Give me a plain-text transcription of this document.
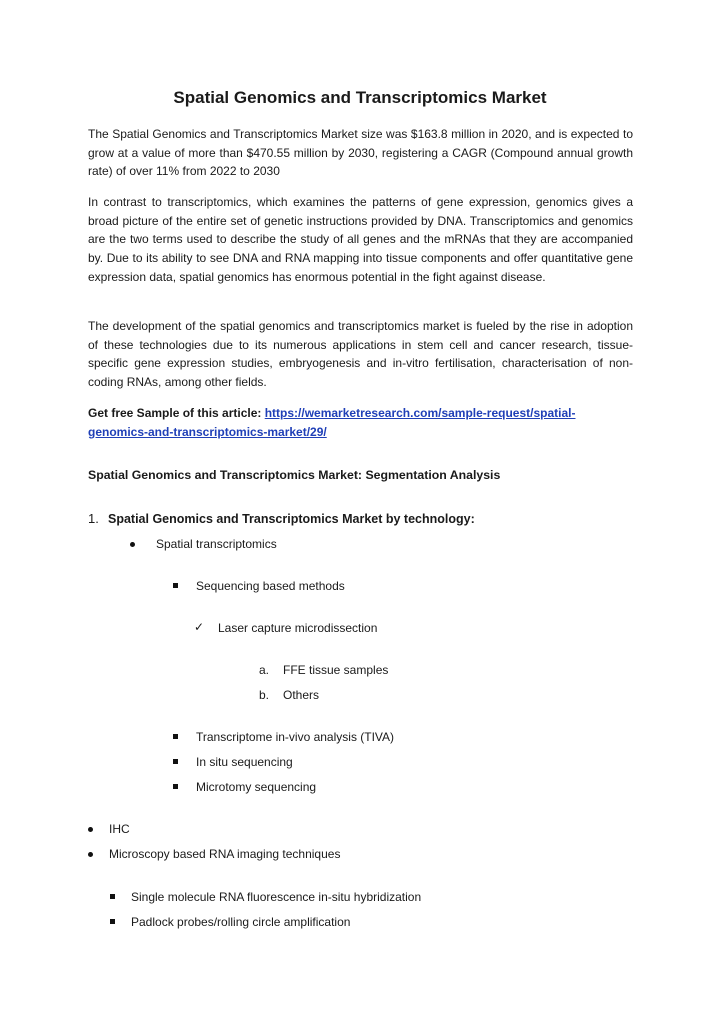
Spatial Genomics and Transcriptomics Market

The Spatial Genomics and Transcriptomics Market size was $163.8 million in 2020, and is expected to grow at a value of more than $470.55 million by 2030, registering a CAGR (Compound annual growth rate) of over 11% from 2022 to 2030

In contrast to transcriptomics, which examines the patterns of gene expression, genomics gives a broad picture of the entire set of genetic instructions provided by DNA. Transcriptomics and genomics are the two terms used to describe the study of all genes and the mRNAs that they are accompanied by. Due to its ability to see DNA and RNA mapping into tissue components and offer quantitative gene expression data, spatial genomics has enormous potential in the fight against disease.

The development of the spatial genomics and transcriptomics market is fueled by the rise in adoption of these technologies due to its numerous applications in stem cell and cancer research, tissue-specific gene expression studies, embryogenesis and in-vitro fertilisation, characterisation of non-coding RNAs, among other fields.

Get free Sample of this article: https://wemarketresearch.com/sample-request/spatial-genomics-and-transcriptomics-market/29/

Spatial Genomics and Transcriptomics Market: Segmentation Analysis
1. Spatial Genomics and Transcriptomics Market by technology:
Spatial transcriptomics
Sequencing based methods
✓ Laser capture microdissection
a. FFE tissue samples
b. Others
Transcriptome in-vivo analysis (TIVA)
In situ sequencing
Microtomy sequencing
IHC
Microscopy based RNA imaging techniques
Single molecule RNA fluorescence in-situ hybridization
Padlock probes/rolling circle amplification
